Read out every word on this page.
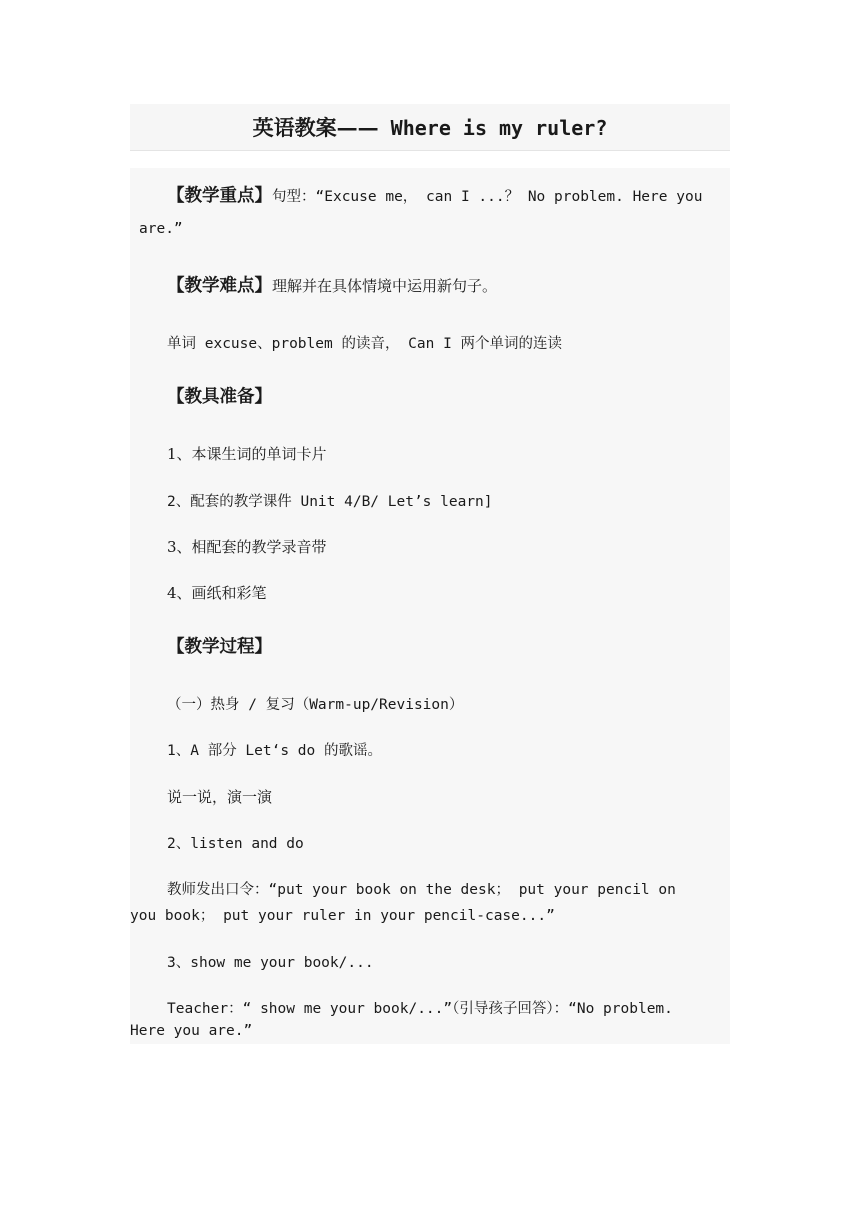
英语教案—— Where is my ruler?
【教学重点】句型：“Excuse me， can I ...？ No problem. Here you
are.”
【教学难点】理解并在具体情境中运用新句子。
单词 excuse、problem 的读音， Can I 两个单词的连读
【教具准备】
1、本课生词的单词卡片
2、配套的教学课件 Unit 4/B/ Let’s learn]
3、相配套的教学录音带
4、画纸和彩笔
【教学过程】
（一）热身 / 复习（Warm-up/Revision）
1、A 部分 Let‘s do 的歌谣。
说一说，演一演
2、listen and do
教师发出口令：“put your book on the desk； put your pencil on
you book； put your ruler in your pencil-case...”
3、show me your book/...
Teacher：“ show me your book/...”（引导孩子回答）：“No problem.
Here you are.”
